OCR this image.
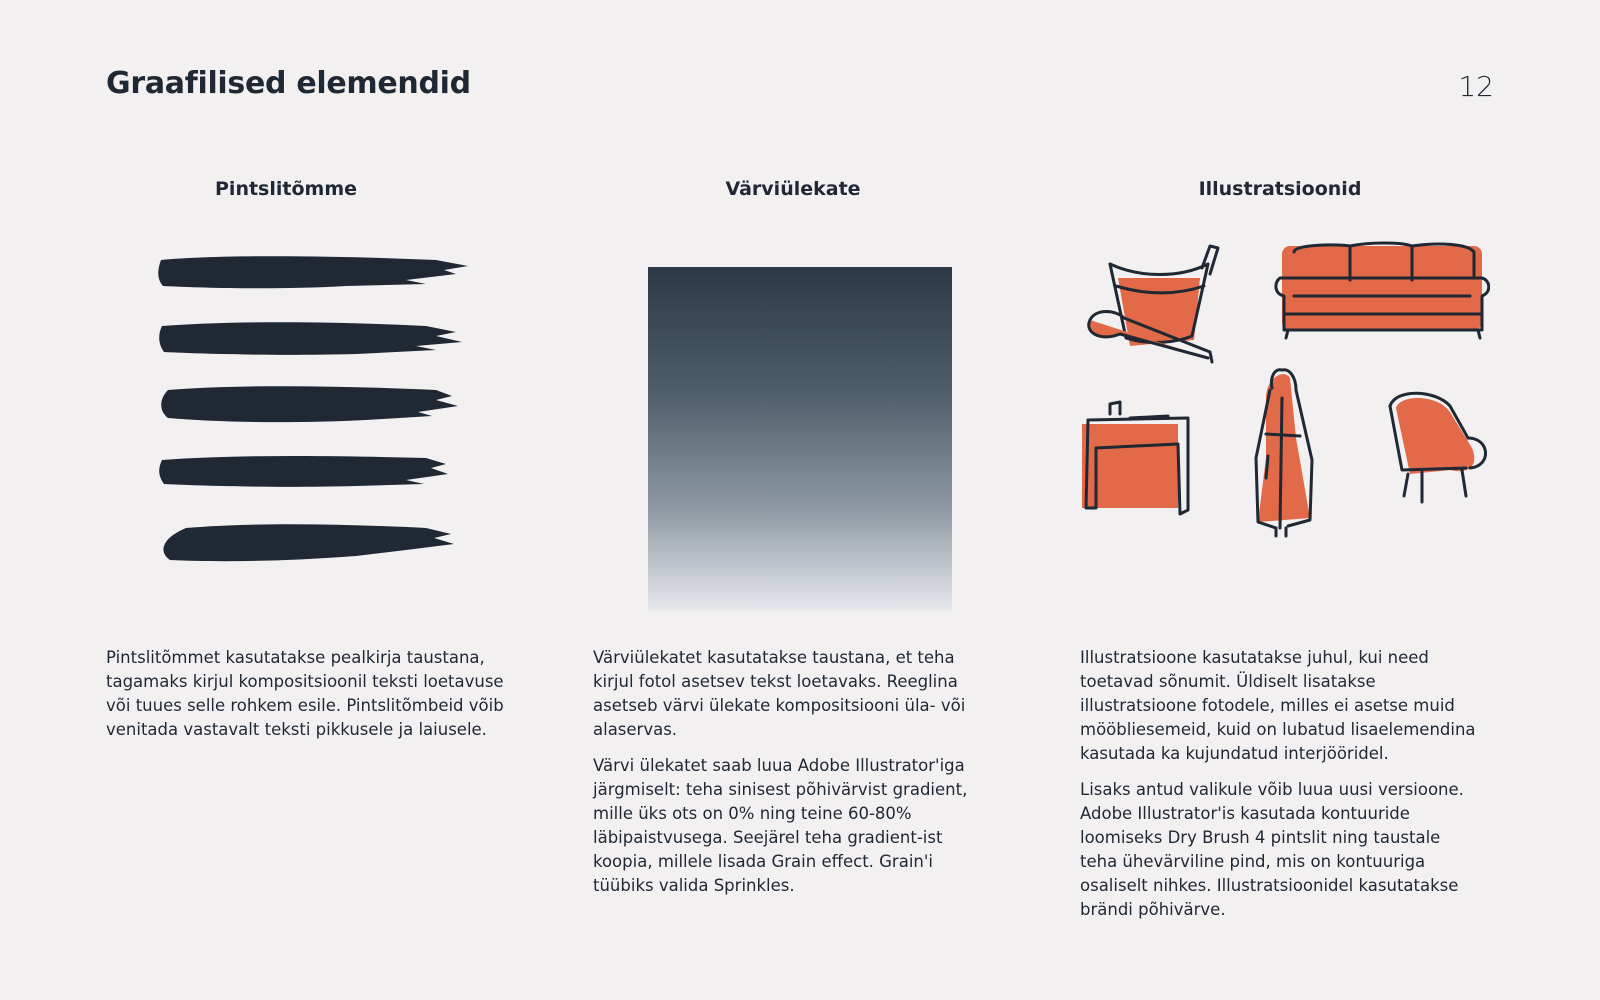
Graafilised elemendid	12
Pintslitõmme

Pintslitõmmet kasutatakse pealkirja taustana, tagamaks kirjul kompositsioonil teksti loetavuse või tuues selle rohkem esile. Pintslitõmbeid võib venitada vastavalt teksti pikkusele ja laiusele.

Värviülekate

Värviülekatet kasutatakse taustana, et teha kirjul fotol asetsev tekst loetavaks. Reeglina asetseb värvi ülekate kompositsiooni üla- või alaservas.

Värvi ülekatet saab luua Adobe Illustrator'iga järgmiselt: teha sinisest põhivärvist gradient, mille üks ots on 0% ning teine 60-80% läbipaistvusega. Seejärel teha gradient-ist koopia, millele lisada Grain effect. Grain'i tüübiks valida Sprinkles.

Illustratsioonid

Illustratsioone kasutatakse juhul, kui need toetavad sõnumit. Üldiselt lisatakse illustratsioone fotodele, milles ei asetse muid mööbliesemeid, kuid on lubatud lisaelemendina kasutada ka kujundatud interjööridel.

Lisaks antud valikule võib luua uusi versioone. Adobe Illustrator'is kasutada kontuuride loomiseks Dry Brush 4 pintslit ning taustale teha ühevärviline pind, mis on kontuuriga osaliselt nihkes. Illustratsioonidel kasutatakse brändi põhivärve.
